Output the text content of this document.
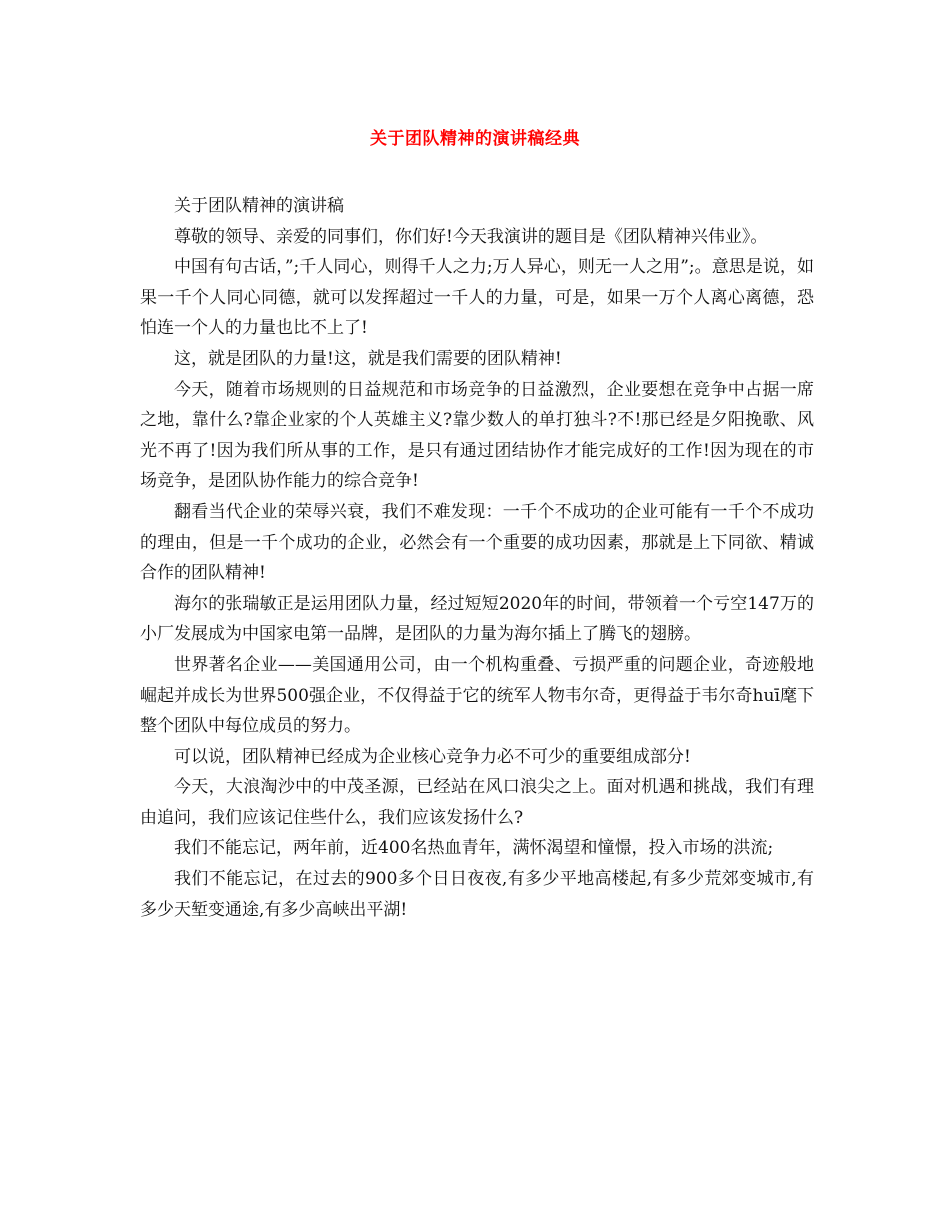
关于团队精神的演讲稿经典

关于团队精神的演讲稿

尊敬的领导、亲爱的同事们，你们好!今天我演讲的题目是《团队精神兴伟业》。

中国有句古话，”;千人同心，则得千人之力;万人异心，则无一人之用”;。意思是说，如果一千个人同心同德，就可以发挥超过一千人的力量，可是，如果一万个人离心离德，恐怕连一个人的力量也比不上了!

这，就是团队的力量!这，就是我们需要的团队精神!

今天，随着市场规则的日益规范和市场竞争的日益激烈，企业要想在竞争中占据一席之地，靠什么?靠企业家的个人英雄主义?靠少数人的单打独斗?不!那已经是夕阳挽歌、风光不再了!因为我们所从事的工作，是只有通过团结协作才能完成好的工作!因为现在的市场竞争，是团队协作能力的综合竞争!

翻看当代企业的荣辱兴衰，我们不难发现：一千个不成功的企业可能有一千个不成功的理由，但是一千个成功的企业，必然会有一个重要的成功因素，那就是上下同欲、精诚合作的团队精神!

海尔的张瑞敏正是运用团队力量，经过短短2020年的时间，带领着一个亏空147万的小厂发展成为中国家电第一品牌，是团队的力量为海尔插上了腾飞的翅膀。

世界著名企业——美国通用公司，由一个机构重叠、亏损严重的问题企业，奇迹般地崛起并成长为世界500强企业，不仅得益于它的统军人物韦尔奇，更得益于韦尔奇huī麾下整个团队中每位成员的努力。

可以说，团队精神已经成为企业核心竞争力必不可少的重要组成部分!

今天，大浪淘沙中的中茂圣源，已经站在风口浪尖之上。面对机遇和挑战，我们有理由追问，我们应该记住些什么，我们应该发扬什么?

我们不能忘记，两年前，近400名热血青年，满怀渴望和憧憬，投入市场的洪流;

我们不能忘记，在过去的900多个日日夜夜,有多少平地高楼起,有多少荒郊变城市,有多少天堑变通途,有多少高峡出平湖!
